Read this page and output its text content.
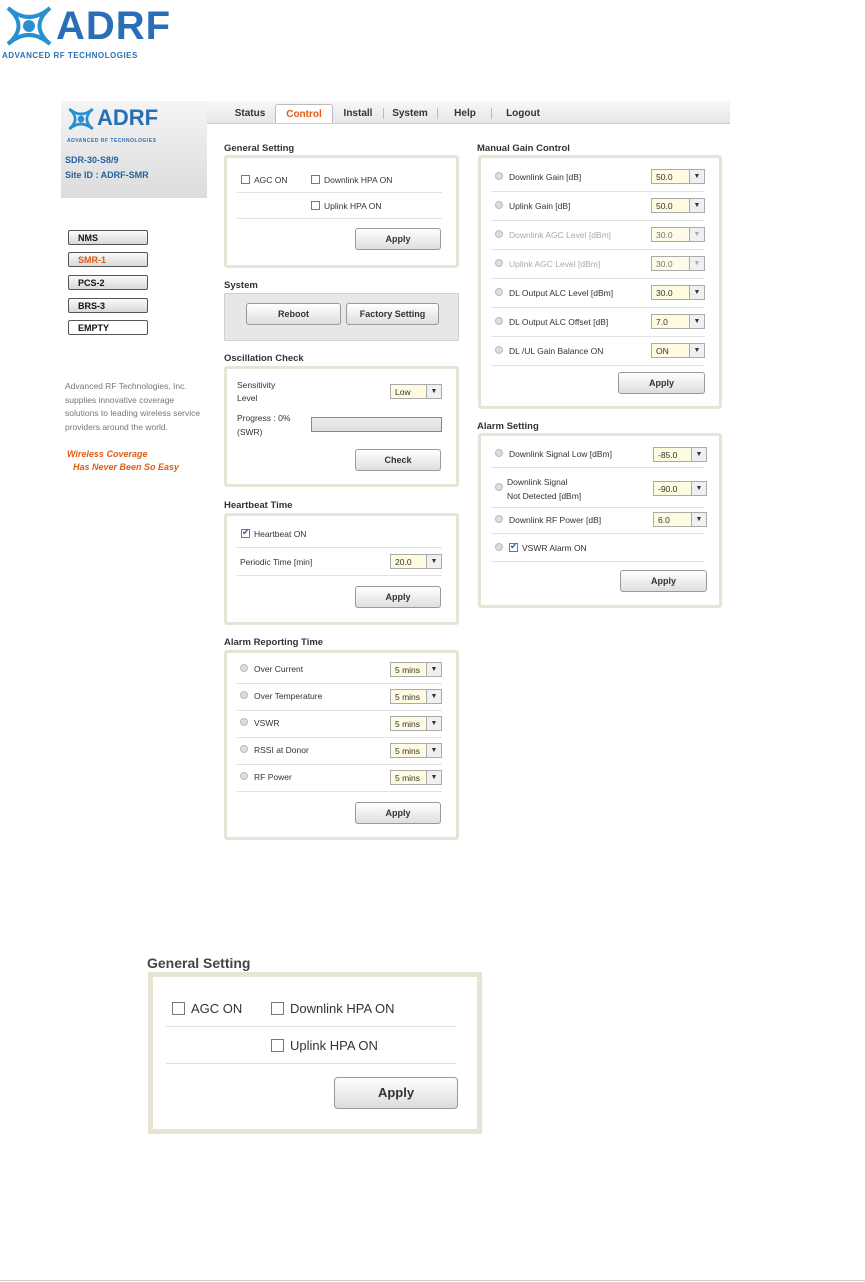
ADRF
ADVANCED RF TECHNOLOGIES
ADRF
ADVANCED RF TECHNOLOGIES
SDR-30-S8/9
Site ID : ADRF-SMR
NMS
SMR-1
PCS-2
BRS-3
EMPTY
Advanced RF Technologies, Inc. supplies innovative coverage solutions to leading wireless service providers around the world.
Wireless Coverage
Has Never Been So Easy
Status	Control	Install	System	Help	Logout
General Setting
AGC ON	Downlink HPA ON
Uplink HPA ON
Apply
System
Reboot	Factory Setting
Oscillation Check
Sensitivity
Level
Low	▼
Progress : 0%
(SWR)
Check
Heartbeat Time
✔Heartbeat ON
Periodic Time [min]	20.0	▼
Apply
Alarm Reporting Time
Over Current	5 mins	▼
Over Temperature	5 mins	▼
VSWR	5 mins	▼
RSSI at Donor	5 mins	▼
RF Power	5 mins	▼
Apply
Manual Gain Control
Downlink Gain [dB]	50.0	▼
Uplink Gain [dB]	50.0	▼
Downlink AGC Level [dBm]	30.0	▼
Uplink AGC Level [dBm]	30.0	▼
DL Output ALC Level [dBm]	30.0	▼
DL Output ALC Offset [dB]	7.0	▼
DL /UL Gain Balance ON	ON	▼
Apply
Alarm Setting
Downlink Signal Low [dBm]	-85.0	▼
Downlink Signal
Not Detected [dBm]
-90.0	▼
Downlink RF Power [dB]	6.0	▼
✔VSWR Alarm ON
Apply
General Setting
AGC ON	Downlink HPA ON
Uplink HPA ON
Apply
